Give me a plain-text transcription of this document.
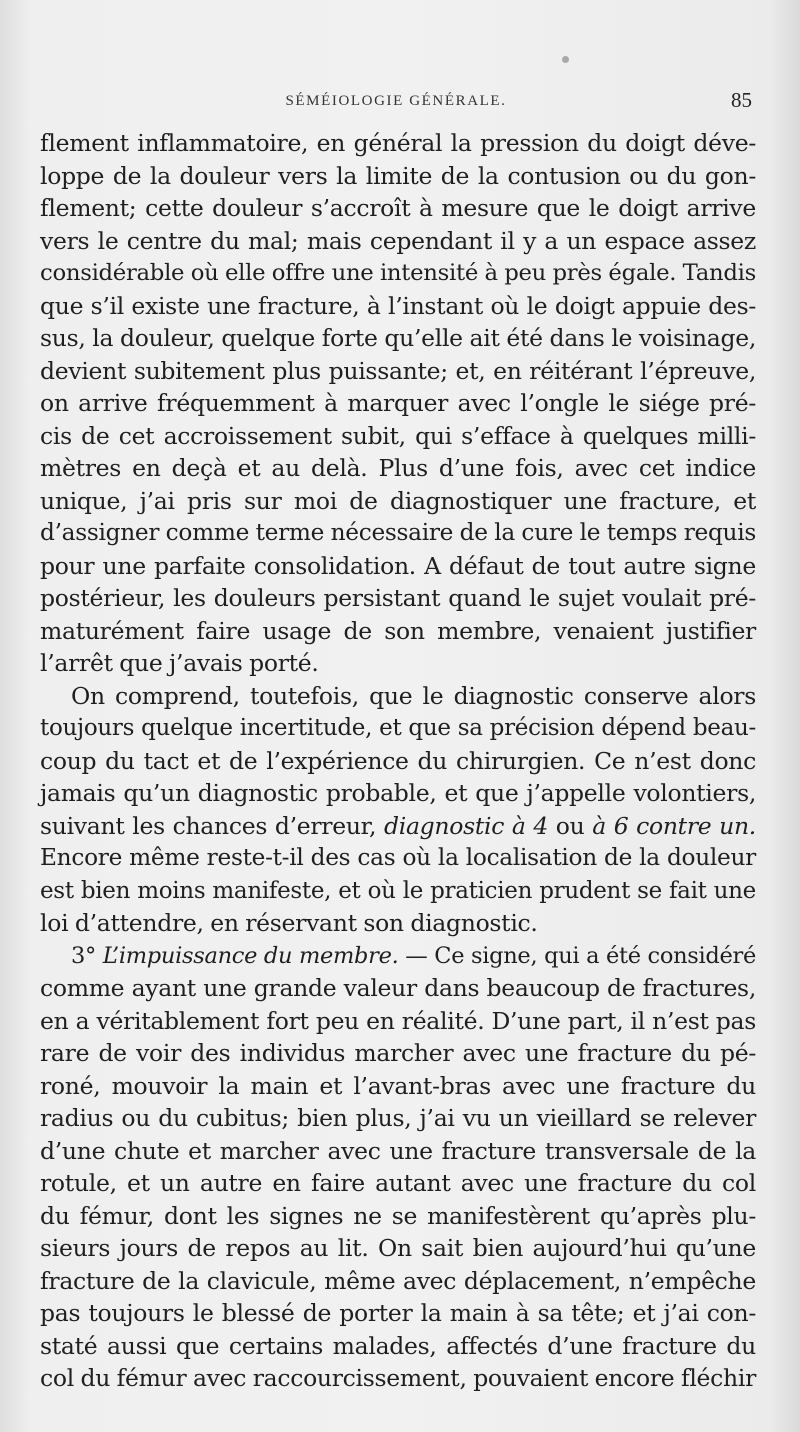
SÉMÉIOLOGIE GÉNÉRALE.	85
flement inflammatoire, en général la pression du doigt déve-
loppe de la douleur vers la limite de la contusion ou du gon-
flement; cette douleur s’accroît à mesure que le doigt arrive
vers le centre du mal; mais cependant il y a un espace assez
considérable où elle offre une intensité à peu près égale. Tandis
que s’il existe une fracture, à l’instant où le doigt appuie des-
sus, la douleur, quelque forte qu’elle ait été dans le voisinage,
devient subitement plus puissante; et, en réitérant l’épreuve,
on arrive fréquemment à marquer avec l’ongle le siége pré-
cis de cet accroissement subit, qui s’efface à quelques milli-
mètres en deçà et au delà. Plus d’une fois, avec cet indice
unique, j’ai pris sur moi de diagnostiquer une fracture, et
d’assigner comme terme nécessaire de la cure le temps requis
pour une parfaite consolidation. A défaut de tout autre signe
postérieur, les douleurs persistant quand le sujet voulait pré-
maturément faire usage de son membre, venaient justifier
l’arrêt que j’avais porté.
On comprend, toutefois, que le diagnostic conserve alors
toujours quelque incertitude, et que sa précision dépend beau-
coup du tact et de l’expérience du chirurgien. Ce n’est donc
jamais qu’un diagnostic probable, et que j’appelle volontiers,
suivant les chances d’erreur, diagnostic à 4 ou à 6 contre un.
Encore même reste-t-il des cas où la localisation de la douleur
est bien moins manifeste, et où le praticien prudent se fait une
loi d’attendre, en réservant son diagnostic.
3° L’impuissance du membre. — Ce signe, qui a été considéré
comme ayant une grande valeur dans beaucoup de fractures,
en a véritablement fort peu en réalité. D’une part, il n’est pas
rare de voir des individus marcher avec une fracture du pé-
roné, mouvoir la main et l’avant-bras avec une fracture du
radius ou du cubitus; bien plus, j’ai vu un vieillard se relever
d’une chute et marcher avec une fracture transversale de la
rotule, et un autre en faire autant avec une fracture du col
du fémur, dont les signes ne se manifestèrent qu’après plu-
sieurs jours de repos au lit. On sait bien aujourd’hui qu’une
fracture de la clavicule, même avec déplacement, n’empêche
pas toujours le blessé de porter la main à sa tête; et j’ai con-
staté aussi que certains malades, affectés d’une fracture du
col du fémur avec raccourcissement, pouvaient encore fléchir
